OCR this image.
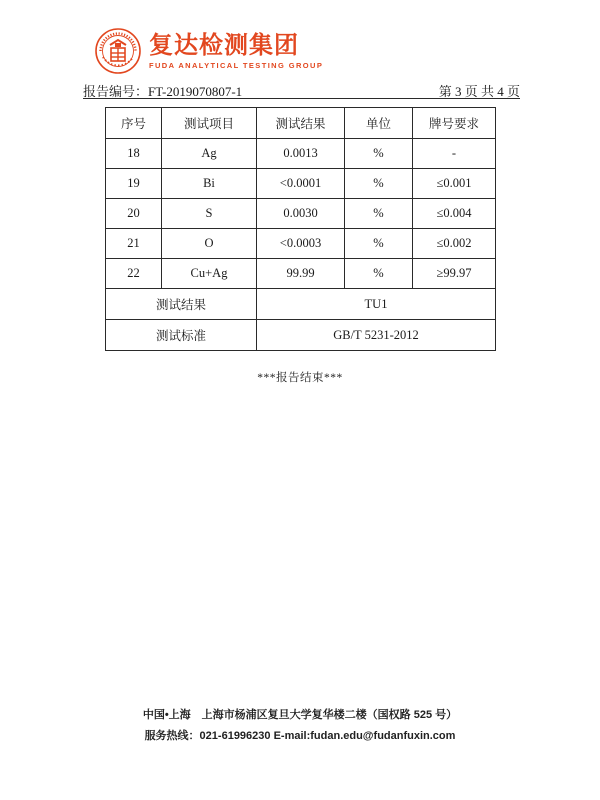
复达检测集团
FUDA ANALYTICAL TESTING GROUP
报告编号：FT-2019070807-1	第 3 页 共 4 页
序号	测试项目	测试结果	单位	牌号要求
18	Ag	0.0013	%	-
19	Bi	<0.0001	%	≤0.001
20	S	0.0030	%	≤0.004
21	O	<0.0003	%	≤0.002
22	Cu+Ag	99.99	%	≥99.97
测试结果		TU1		
测试标准		GB/T 5231-2012		
***报告结束***
中国•上海　上海市杨浦区复旦大学复华楼二楼（国权路 525 号）
服务热线：021-61996230 E-mail:fudan.edu@fudanfuxin.com
